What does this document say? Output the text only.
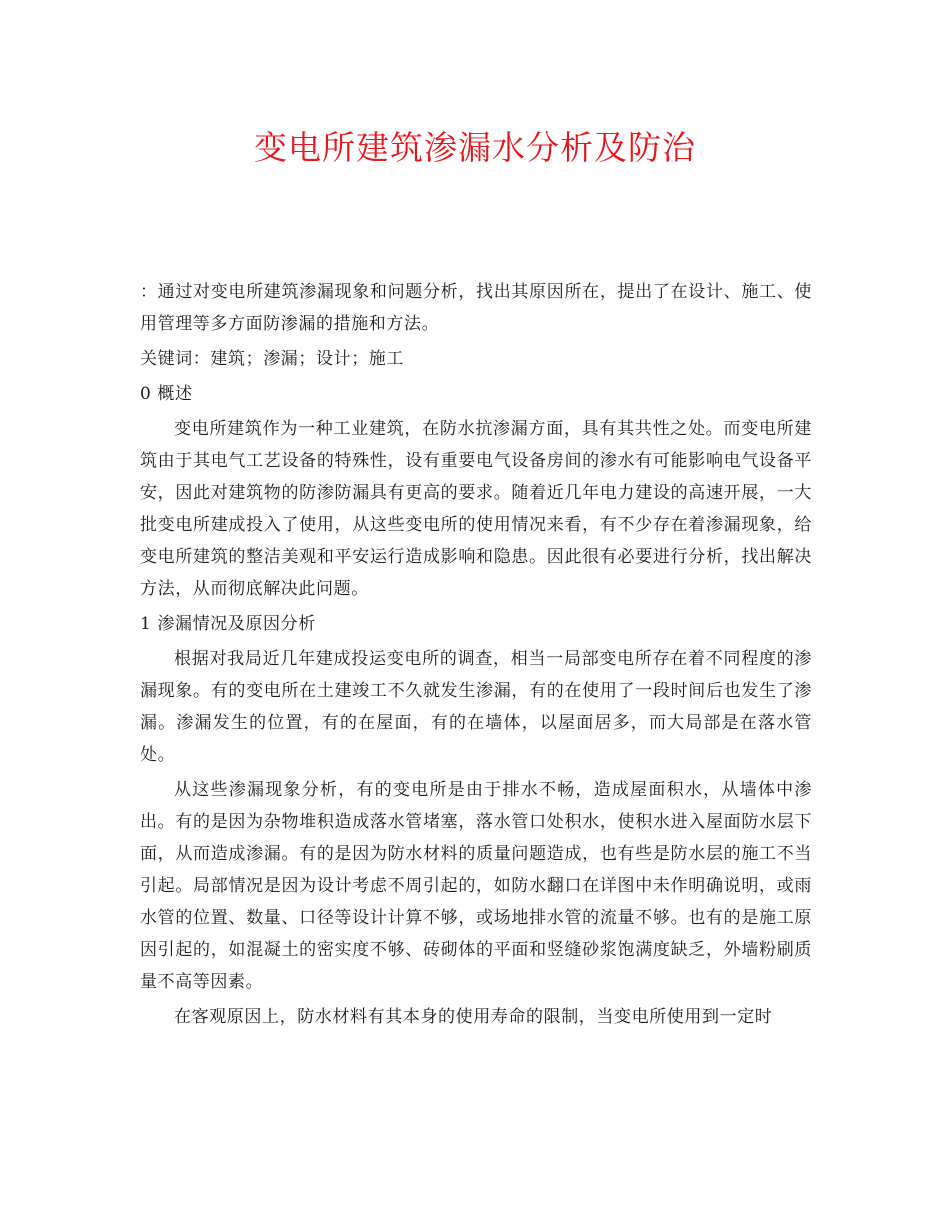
变电所建筑渗漏水分析及防治

：通过对变电所建筑渗漏现象和问题分析，找出其原因所在，提出了在设计、施工、使用管理等多方面防渗漏的措施和方法。

关键词：建筑；渗漏；设计；施工

0 概述

变电所建筑作为一种工业建筑，在防水抗渗漏方面，具有其共性之处。而变电所建筑由于其电气工艺设备的特殊性，设有重要电气设备房间的渗水有可能影响电气设备平安，因此对建筑物的防渗防漏具有更高的要求。随着近几年电力建设的高速开展，一大批变电所建成投入了使用，从这些变电所的使用情况来看，有不少存在着渗漏现象，给变电所建筑的整洁美观和平安运行造成影响和隐患。因此很有必要进行分析，找出解决方法，从而彻底解决此问题。

1 渗漏情况及原因分析

根据对我局近几年建成投运变电所的调查，相当一局部变电所存在着不同程度的渗漏现象。有的变电所在土建竣工不久就发生渗漏，有的在使用了一段时间后也发生了渗漏。渗漏发生的位置，有的在屋面，有的在墙体，以屋面居多，而大局部是在落水管处。

从这些渗漏现象分析，有的变电所是由于排水不畅，造成屋面积水，从墙体中渗出。有的是因为杂物堆积造成落水管堵塞，落水管口处积水，使积水进入屋面防水层下面，从而造成渗漏。有的是因为防水材料的质量问题造成，也有些是防水层的施工不当引起。局部情况是因为设计考虑不周引起的，如防水翻口在详图中未作明确说明，或雨水管的位置、数量、口径等设计计算不够，或场地排水管的流量不够。也有的是施工原因引起的，如混凝土的密实度不够、砖砌体的平面和竖缝砂浆饱满度缺乏，外墙粉刷质量不高等因素。

在客观原因上，防水材料有其本身的使用寿命的限制，当变电所使用到一定时
